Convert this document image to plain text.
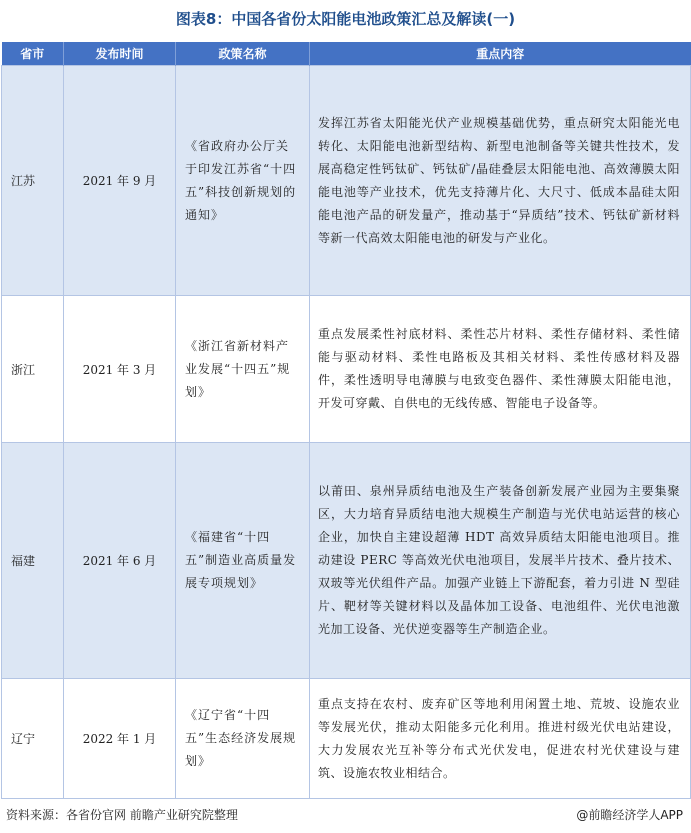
图表8：中国各省份太阳能电池政策汇总及解读(一)
省市	发布时间	政策名称	重点内容
江苏	2021 年 9 月	《省政府办公厅关于印发江苏省“十四五”科技创新规划的通知》	发挥江苏省太阳能光伏产业规模基础优势，重点研究太阳能光电转化、太阳能电池新型结构、新型电池制备等关键共性技术，发展高稳定性钙钛矿、钙钛矿/晶硅叠层太阳能电池、高效薄膜太阳能电池等产业技术，优先支持薄片化、大尺寸、低成本晶硅太阳能电池产品的研发量产，推动基于“异质结”技术、钙钛矿新材料等新一代高效太阳能电池的研发与产业化。
浙江	2021 年 3 月	《浙江省新材料产业发展“十四五”规划》	重点发展柔性衬底材料、柔性芯片材料、柔性存储材料、柔性储能与驱动材料、柔性电路板及其相关材料、柔性传感材料及器件，柔性透明导电薄膜与电致变色器件、柔性薄膜太阳能电池，开发可穿戴、自供电的无线传感、智能电子设备等。
福建	2021 年 6 月	《福建省“十四五”制造业高质量发展专项规划》	以莆田、泉州异质结电池及生产装备创新发展产业园为主要集聚区，大力培育异质结电池大规模生产制造与光伏电站运营的核心企业，加快自主建设超薄 HDT 高效异质结太阳能电池项目。推动建设 PERC 等高效光伏电池项目，发展半片技术、叠片技术、双玻等光伏组件产品。加强产业链上下游配套，着力引进 N 型硅片、靶材等关键材料以及晶体加工设备、电池组件、光伏电池激光加工设备、光伏逆变器等生产制造企业。
辽宁	2022 年 1 月	《辽宁省“十四五”生态经济发展规划》	重点支持在农村、废弃矿区等地利用闲置土地、荒坡、设施农业等发展光伏，推动太阳能多元化利用。推进村级光伏电站建设，大力发展农光互补等分布式光伏发电，促进农村光伏建设与建筑、设施农牧业相结合。
资料来源：各省份官网 前瞻产业研究院整理	@前瞻经济学人APP
